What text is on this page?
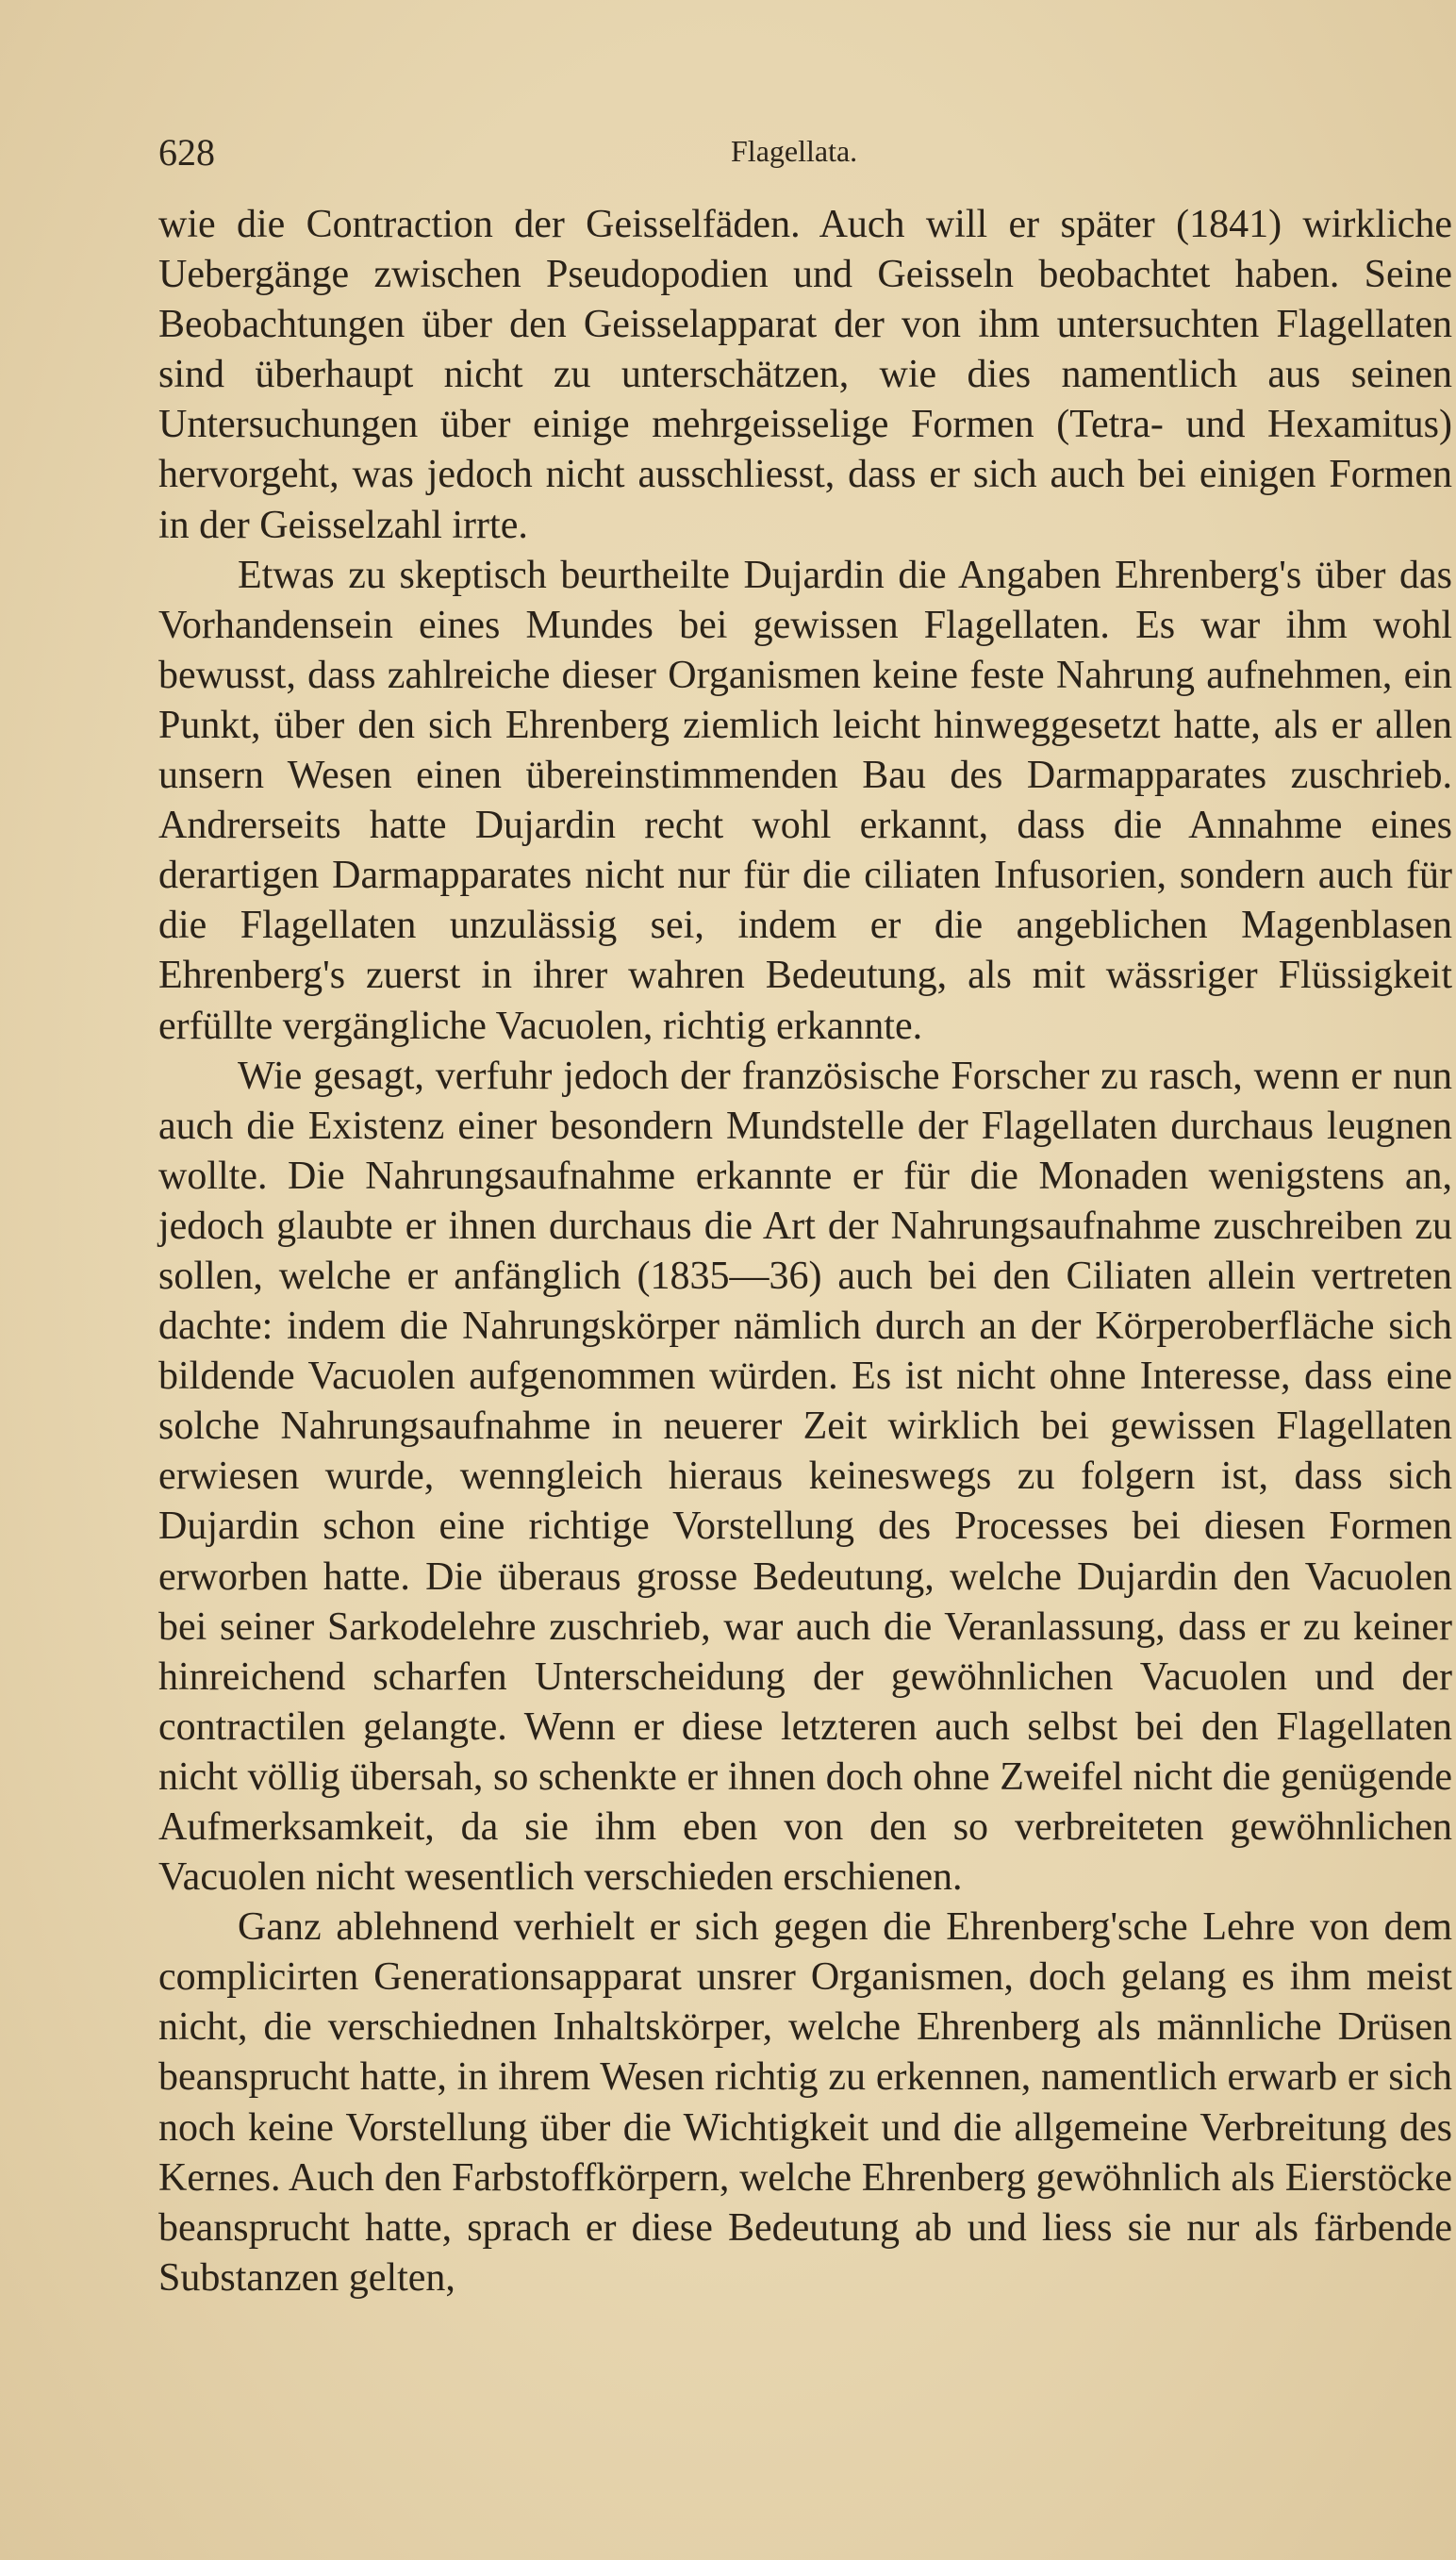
628	Flagellata.

wie die Contraction der Geisselfäden. Auch will er später (1841) wirkliche Uebergänge zwischen Pseudopodien und Geisseln beobachtet haben. Seine Beobachtungen über den Geisselapparat der von ihm untersuchten Flagellaten sind überhaupt nicht zu unterschätzen, wie dies namentlich aus seinen Untersuchungen über einige mehrgeisselige Formen (Tetra- und Hexamitus) hervorgeht, was jedoch nicht ausschliesst, dass er sich auch bei einigen Formen in der Geisselzahl irrte.

Etwas zu skeptisch beurtheilte Dujardin die Angaben Ehrenberg's über das Vorhandensein eines Mundes bei gewissen Flagellaten. Es war ihm wohl bewusst, dass zahlreiche dieser Organismen keine feste Nahrung aufnehmen, ein Punkt, über den sich Ehrenberg ziemlich leicht hinweggesetzt hatte, als er allen unsern Wesen einen übereinstimmenden Bau des Darmapparates zuschrieb. Andrerseits hatte Dujardin recht wohl erkannt, dass die Annahme eines derartigen Darmapparates nicht nur für die ciliaten Infusorien, sondern auch für die Flagellaten unzulässig sei, indem er die angeblichen Magenblasen Ehrenberg's zuerst in ihrer wahren Bedeutung, als mit wässriger Flüssigkeit erfüllte vergängliche Vacuolen, richtig erkannte.

Wie gesagt, verfuhr jedoch der französische Forscher zu rasch, wenn er nun auch die Existenz einer besondern Mundstelle der Flagellaten durchaus leugnen wollte. Die Nahrungsaufnahme erkannte er für die Monaden wenigstens an, jedoch glaubte er ihnen durchaus die Art der Nahrungsaufnahme zuschreiben zu sollen, welche er anfänglich (1835—36) auch bei den Ciliaten allein vertreten dachte: indem die Nahrungskörper nämlich durch an der Körperoberfläche sich bildende Vacuolen aufgenommen würden. Es ist nicht ohne Interesse, dass eine solche Nahrungsaufnahme in neuerer Zeit wirklich bei gewissen Flagellaten erwiesen wurde, wenngleich hieraus keineswegs zu folgern ist, dass sich Dujardin schon eine richtige Vorstellung des Processes bei diesen Formen erworben hatte. Die überaus grosse Bedeutung, welche Dujardin den Vacuolen bei seiner Sarkodelehre zuschrieb, war auch die Veranlassung, dass er zu keiner hinreichend scharfen Unterscheidung der gewöhnlichen Vacuolen und der contractilen gelangte. Wenn er diese letzteren auch selbst bei den Flagellaten nicht völlig übersah, so schenkte er ihnen doch ohne Zweifel nicht die genügende Aufmerksamkeit, da sie ihm eben von den so verbreiteten gewöhnlichen Vacuolen nicht wesentlich verschieden erschienen.

Ganz ablehnend verhielt er sich gegen die Ehrenberg'sche Lehre von dem complicirten Generationsapparat unsrer Organismen, doch gelang es ihm meist nicht, die verschiednen Inhaltskörper, welche Ehrenberg als männliche Drüsen beansprucht hatte, in ihrem Wesen richtig zu erkennen, namentlich erwarb er sich noch keine Vorstellung über die Wichtigkeit und die allgemeine Verbreitung des Kernes. Auch den Farbstoffkörpern, welche Ehrenberg gewöhnlich als Eierstöcke beansprucht hatte, sprach er diese Bedeutung ab und liess sie nur als färbende Substanzen gelten,
